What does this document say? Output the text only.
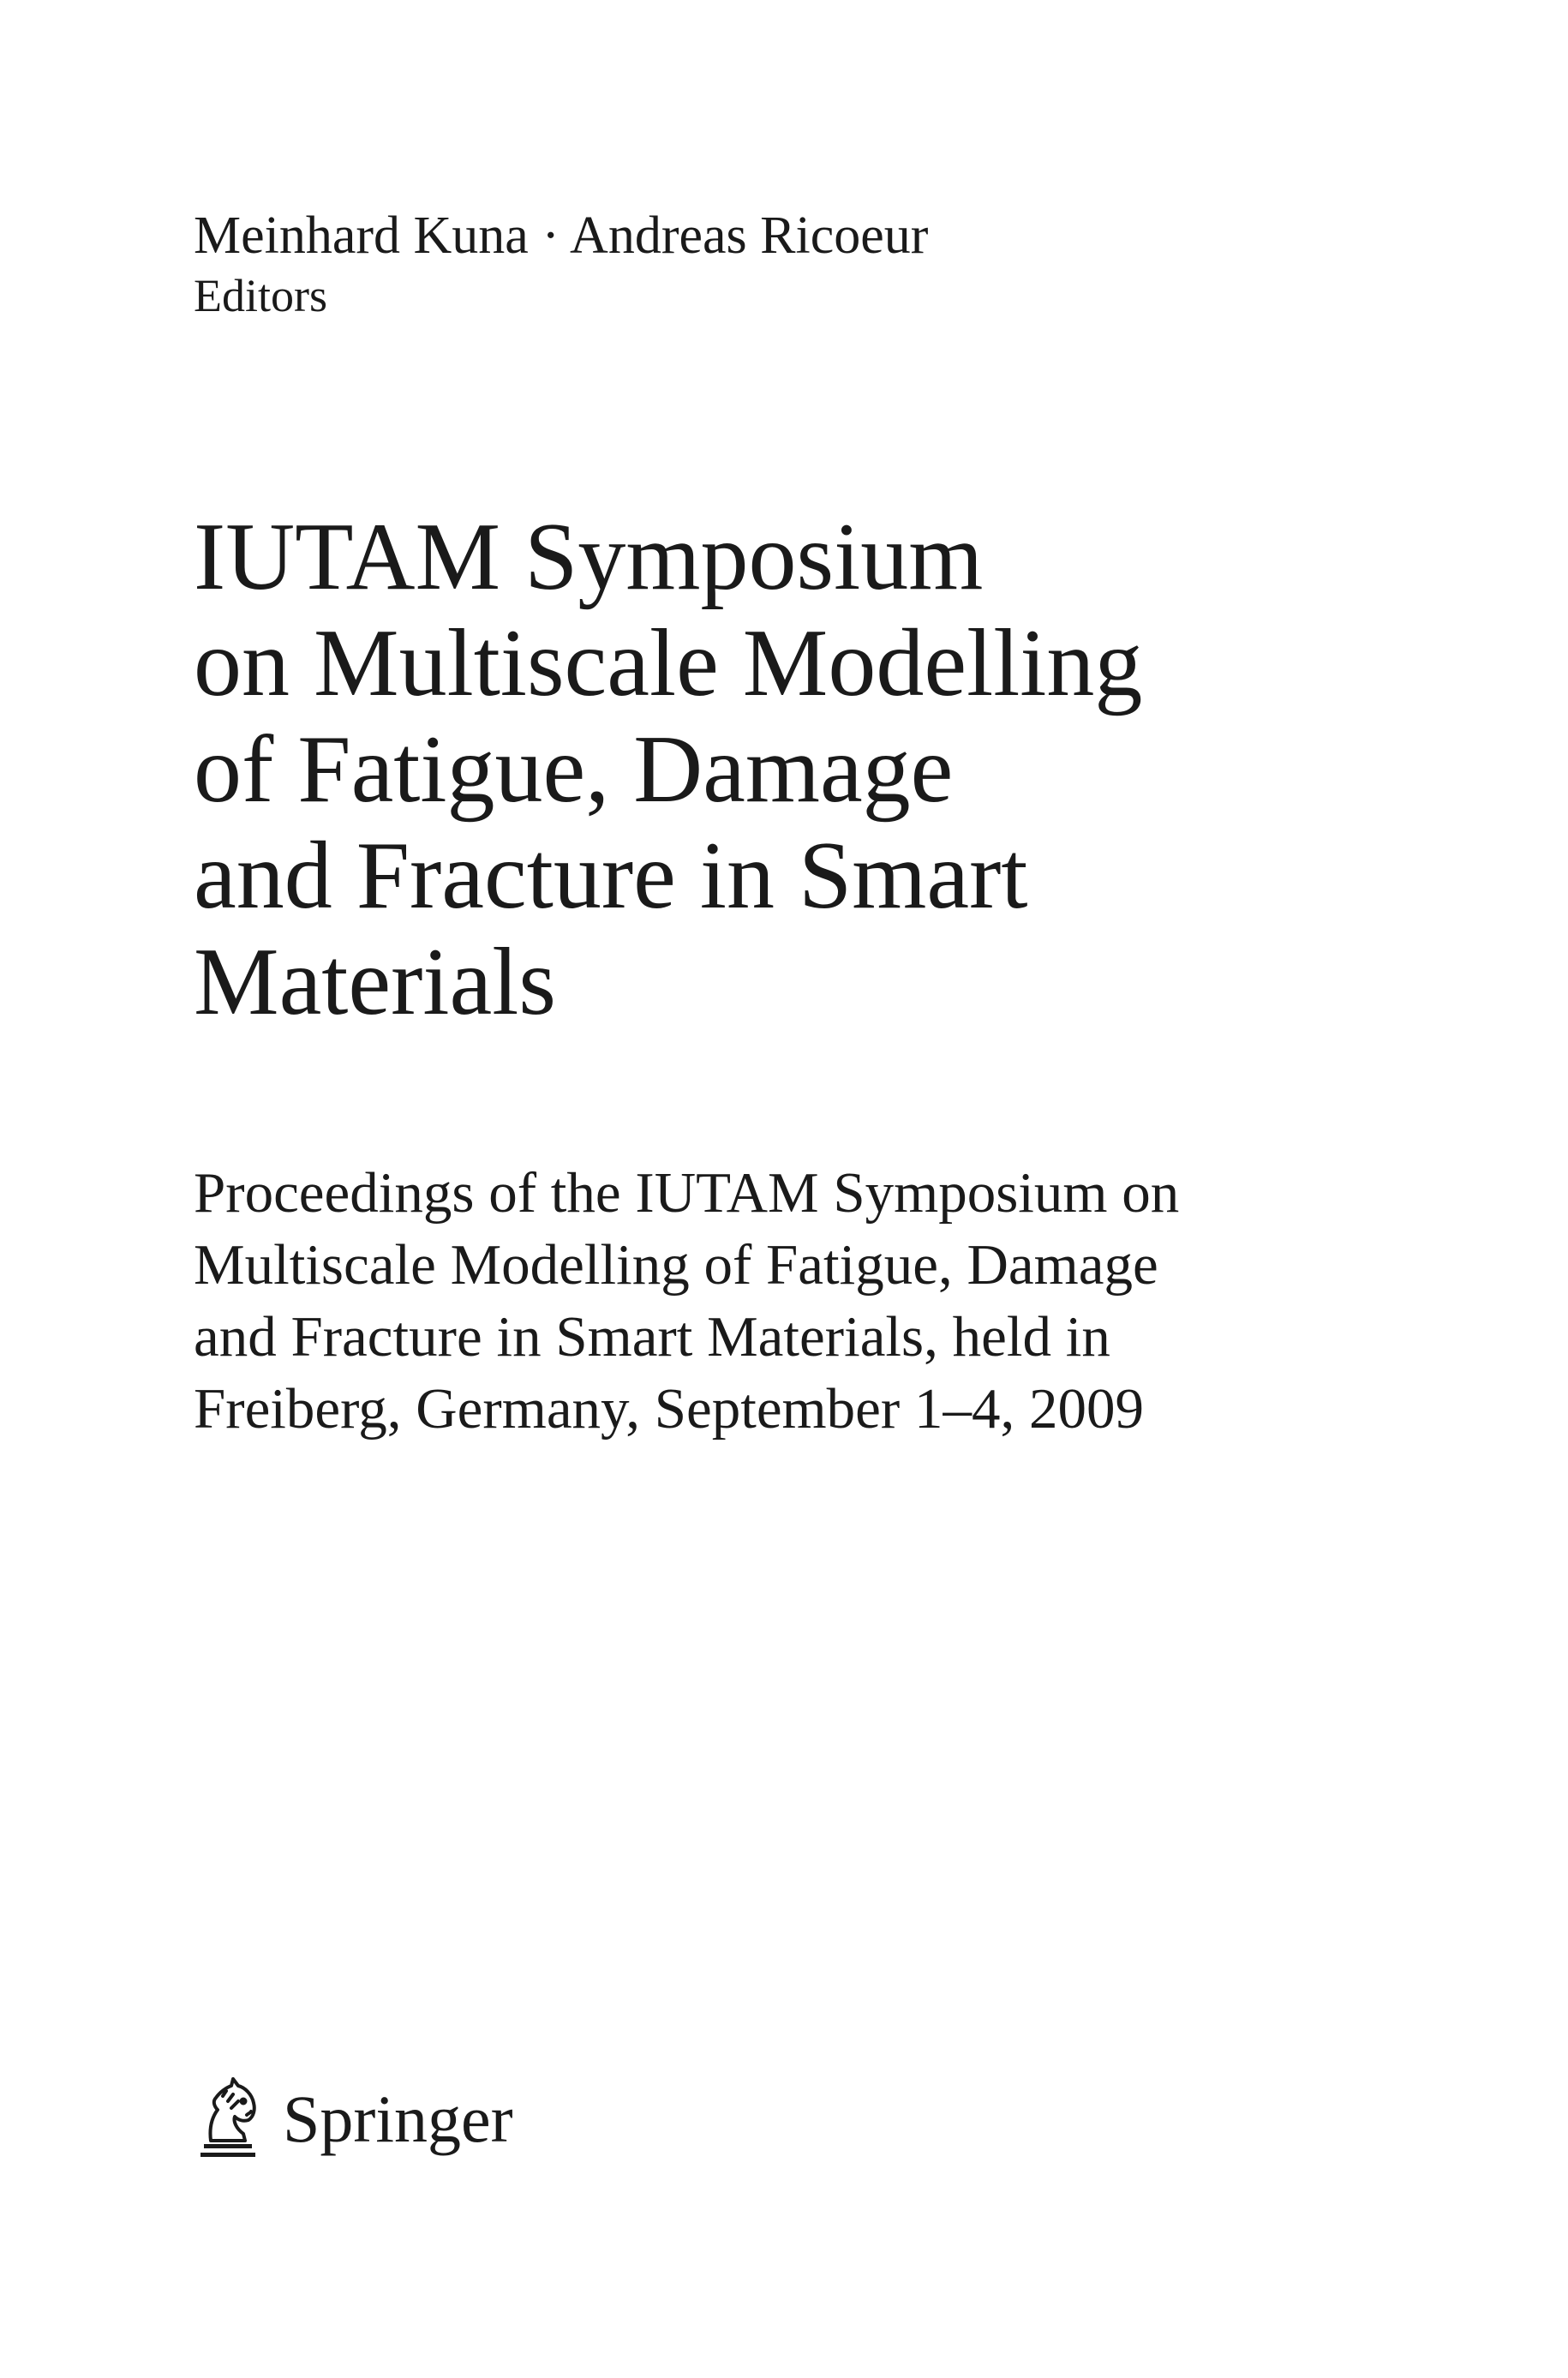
Meinhard Kuna · Andreas Ricoeur

Editors

IUTAM Symposium
on Multiscale Modelling
of Fatigue, Damage
and Fracture in Smart
Materials

Proceedings of the IUTAM Symposium on
Multiscale Modelling of Fatigue, Damage
and Fracture in Smart Materials, held in
Freiberg, Germany, September 1–4, 2009

Springer
